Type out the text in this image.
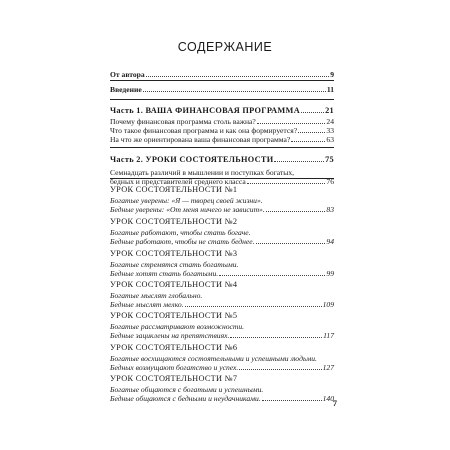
СОДЕРЖАНИЕ
От автора	9
Введение	11
Часть 1. ВАША ФИНАНСОВАЯ ПРОГРАММА	21
Почему финансовая программа столь важна?	24
Что такое финансовая программа и как она формируется?	33
На что же ориентирована ваша финансовая программа?	63
Часть 2. УРОКИ СОСТОЯТЕЛЬНОСТИ	75
Семнадцать различий в мышлении и поступках богатых,
бедных и представителей среднего класса	76
УРОК СОСТОЯТЕЛЬНОСТИ №1
Богатые уверены: «Я — творец своей жизни».
Бедные уверены: «От меня ничего не зависит».	83
УРОК СОСТОЯТЕЛЬНОСТИ №2
Богатые работают, чтобы стать богаче.
Бедные работают, чтобы не стать беднее.	94
УРОК СОСТОЯТЕЛЬНОСТИ №3
Богатые стремятся стать богатыми.
Бедные хотят стать богатыми.	99
УРОК СОСТОЯТЕЛЬНОСТИ №4
Богатые мыслят глобально.
Бедные мыслят мелко.	109
УРОК СОСТОЯТЕЛЬНОСТИ №5
Богатые рассматривают возможности.
Бедные зациклены на препятствиях.	117
УРОК СОСТОЯТЕЛЬНОСТИ №6
Богатые восхищаются состоятельными и успешными людьми.
Бедных возмущают богатство и успех.	127
УРОК СОСТОЯТЕЛЬНОСТИ №7
Богатые общаются с богатыми и успешными.
Бедные общаются с бедными и неудачниками.	140
7
